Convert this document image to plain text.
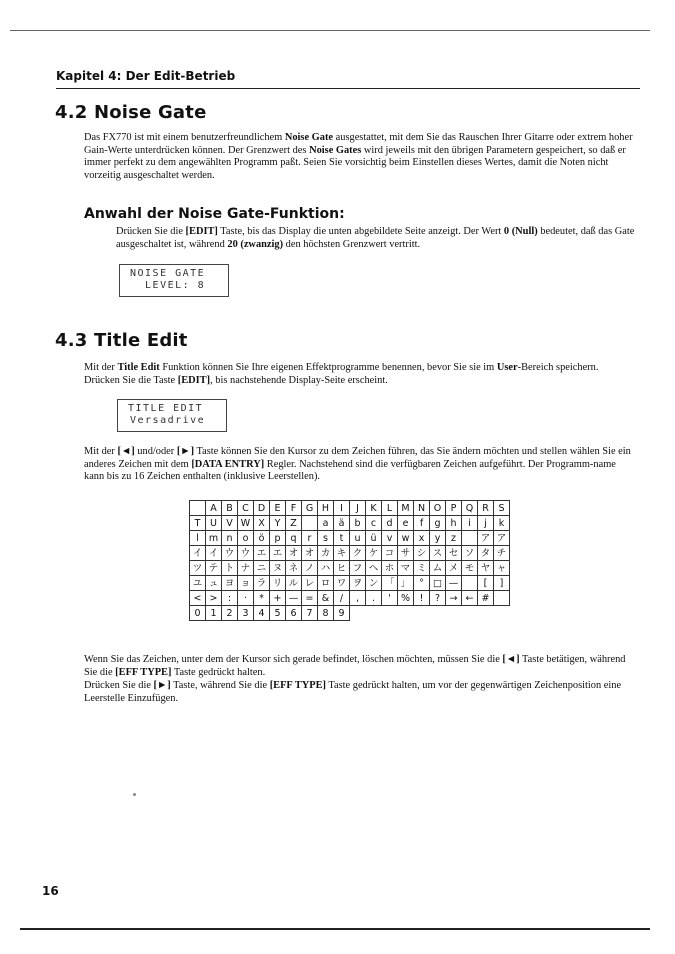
Kapitel 4: Der Edit-Betrieb
4.2 Noise Gate
Das FX770 ist mit einem benutzerfreundlichem Noise Gate ausgestattet, mit dem Sie das Rauschen Ihrer Gitarre oder extrem hoher Gain-Werte unterdrücken können. Der Grenzwert des Noise Gates wird jeweils mit den übrigen Parametern gespeichert, so daß er immer perfekt zu dem angewählten Programm paßt. Seien Sie vorsichtig beim Einstellen dieses Wertes, damit die Noten nicht vorzeitig ausgeschaltet werden.
Anwahl der Noise Gate-Funktion:
Drücken Sie die [EDIT] Taste, bis das Display die unten abgebildete Seite anzeigt. Der Wert 0 (Null) bedeutet, daß das Gate ausgeschaltet ist, während 20 (zwanzig) den höchsten Grenzwert vertritt.
NOISE GATE
LEVEL: 8
4.3 Title Edit
Mit der Title Edit Funktion können Sie Ihre eigenen Effektprogramme benennen, bevor Sie sie im User-Bereich speichern. Drücken Sie die Taste [EDIT], bis nachstehende Display-Seite erscheint.
TITLE EDIT
Versadrive
Mit der [◄] und/oder [►] Taste können Sie den Kursor zu dem Zeichen führen, das Sie ändern möchten und stellen wählen Sie ein anderes Zeichen mit dem [DATA ENTRY] Regler. Nachstehend sind die verfügbaren Zeichen aufgeführt. Der Programm-name kann bis zu 16 Zeichen enthalten (inklusive Leerstellen).
	A	B	C	D	E	F	G	H	I	J	K	L	M	N	O	P	Q	R	S
T	U	V	W	X	Y	Z		a	ä	b	c	d	e	f	g	h	i	j	k
l	m	n	o	ö	p	q	r	s	t	u	ü	v	w	x	y	z		ア	ア
イ	イ	ウ	ウ	エ	エ	オ	オ	カ	キ	ク	ケ	コ	サ	シ	ス	セ	ソ	タ	チ
ツ	テ	ト	ナ	ニ	ヌ	ネ	ノ	ハ	ヒ	フ	ヘ	ホ	マ	ミ	ム	メ	モ	ヤ	ャ
ユ	ュ	ヨ	ョ	ラ	リ	ル	レ	ロ	ワ	ヲ	ン	「	」	°	□	—		[	]
<	>	:	·	*	+	—	=	&	/	,	.	'	%	!	?	→	←	#	
0	1	2	3	4	5	6	7	8	9										
Wenn Sie das Zeichen, unter dem der Kursor sich gerade befindet, löschen möchten, müssen Sie die [◄] Taste betätigen, während Sie die [EFF TYPE] Taste gedrückt halten.
Drücken Sie die [►] Taste, während Sie die [EFF TYPE] Taste gedrückt halten, um vor der gegenwärtigen Zeichenposition eine Leerstelle Einzufügen.
16
